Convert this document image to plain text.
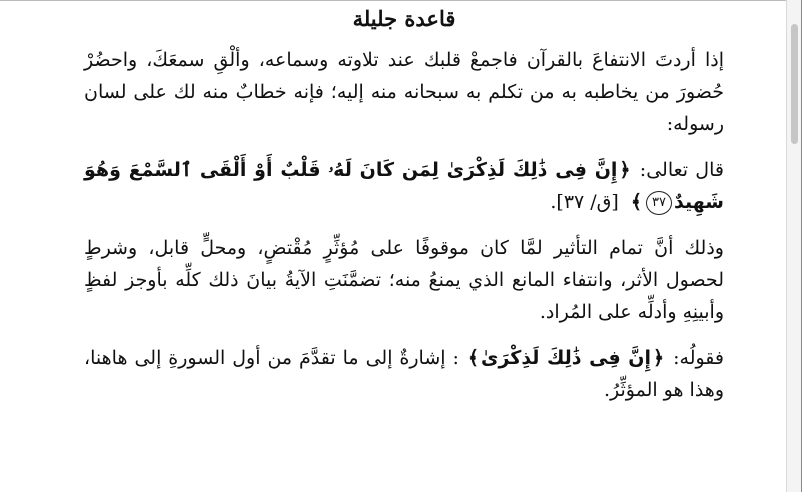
قاعدة جليلة

إذا أردتَ الانتفاعَ بالقرآن فاجمعْ قلبك عند تلاوته وسماعه، وألْقِ سمعَكَ، واحضُرْ حُضورَ من يخاطبه به من تكلم به سبحانه منه إليه؛ فإنه خطابٌ منه لك على لسان رسوله:

قال تعالى: ﴿إِنَّ فِى ذَٰلِكَ لَذِكْرَىٰ لِمَن كَانَ لَهُۥ قَلْبٌ أَوْ أَلْقَى ٱلسَّمْعَ وَهُوَ شَهِيدٌ٣٧﴾ [ق/ ٣٧].

وذلك أنَّ تمام التأثير لمَّا كان موقوفًا على مُؤثِّرٍ مُقْتضٍ، ومحلٍّ قابل، وشرطٍ لحصول الأثر، وانتفاء المانع الذي يمنعُ منه؛ تضمَّنَتِ الآيةُ بيانَ ذلك كلِّه بأوجز لفظٍ وأبينِهِ وأدلِّه على المُراد.

فقولُه: ﴿إِنَّ فِى ذَٰلِكَ لَذِكْرَىٰ﴾ : إشارةٌ إلى ما تقدَّمَ من أول السورةِ إلى هاهنا، وهذا هو المؤثِّرُ.
